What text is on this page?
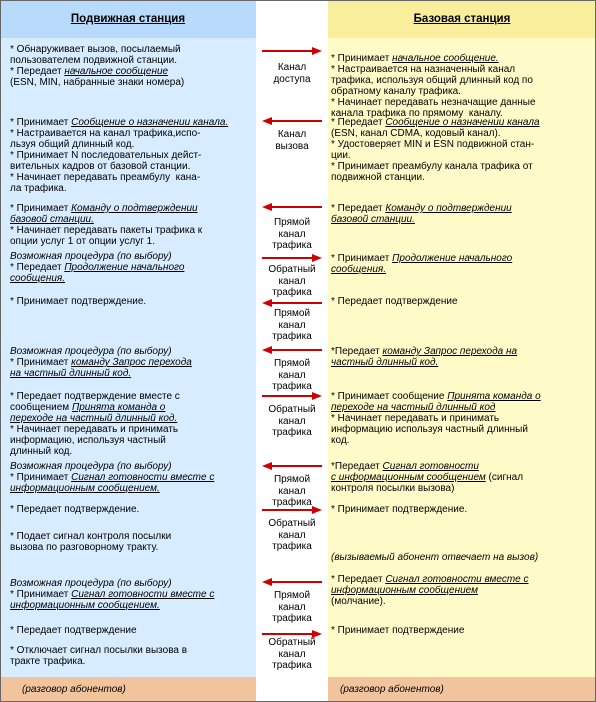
Подвижная станция	Базовая станция
* Обнаруживает вызов, посылаемый
пользователем подвижной станции.
* Передает начальное сообщение
(ESN, MIN, набранные знаки номера)
* Принимает Сообщение о назначении канала.
* Настраивается на канал трафика,испо-
льзуя общий длинный код.
* Принимает N последовательных дейст-
вительных кадров от базовой станции.
* Начинает передавать преамбулу  кана-
ла трафика.
* Принимает Команду о подтверждении
базовой станции.
* Начинает передавать пакеты трафика к
опции услуг 1 от опции услуг 1.
Возможная процедура (по выбору)
* Передает Продолжение начального
сообщения.
* Принимает подтверждение.
Возможная процедура (по выбору)
* Принимает команду Запрос перехода
на частный длинный код.
* Передает подтверждение вместе с
сообщением Принята команда о
переходе на частный длинный код.
* Начинает передавать и принимать
информацию, используя частный
длинный код.
Возможная процедура (по выбору)
* Принимает Сигнал готовности вместе с
информационным сообщением.
* Передает подтверждение.
* Подает сигнал контроля посылки
вызова по разговорному тракту.
Возможная процедура (по выбору)
* Принимает Сигнал готовности вместе с
информационным сообщением.
* Передает подтверждение
* Отключает сигнал посылки вызова в
тракте трафика.
* Принимает начальное сообщение.
* Настраивается на назначенный канал
трафика, используя общий длинный код по
обратному каналу трафика.
* Начинает передавать незначащие данные
канала трафика по прямому  каналу.
* Передает Сообщение о назначении канала
(ESN, канал CDMA, кодовый канал).
* Удостоверяет MIN и ESN подвижной стан-
ции.
* Принимает преамбулу канала трафика от
подвижной станции.
* Передает Команду о подтверждении
базовой станции.
* Принимает Продолжение начального
сообщения.
* Передает подтверждение
*Передает команду Запрос перехода на
частный длинный код.
* Принимает сообщение Принята команда о
переходе на частный длинный код
* Начинает передавать и принимать
информацию используя частный длинный
код.
*Передает Сигнал готовности
с информационным сообщением (сигнал
контроля посылки вызова)
* Принимает подтверждение.
(вызываемый абонент отвечает на вызов)
* Передает Сигнал готовности вместе с
информационным сообщением
(молчание).
* Принимает подтверждение
Канал
доступа
Канал
вызова
Прямой
канал
трафика
Обратный
канал
трафика
Прямой
канал
трафика
Прямой
канал
трафика
Обратный
канал
трафика
Прямой
канал
трафика
Обратный
канал
трафика
Прямой
канал
трафика
Обратный
канал
трафика
(разговор абонентов)	(разговор абонентов)
